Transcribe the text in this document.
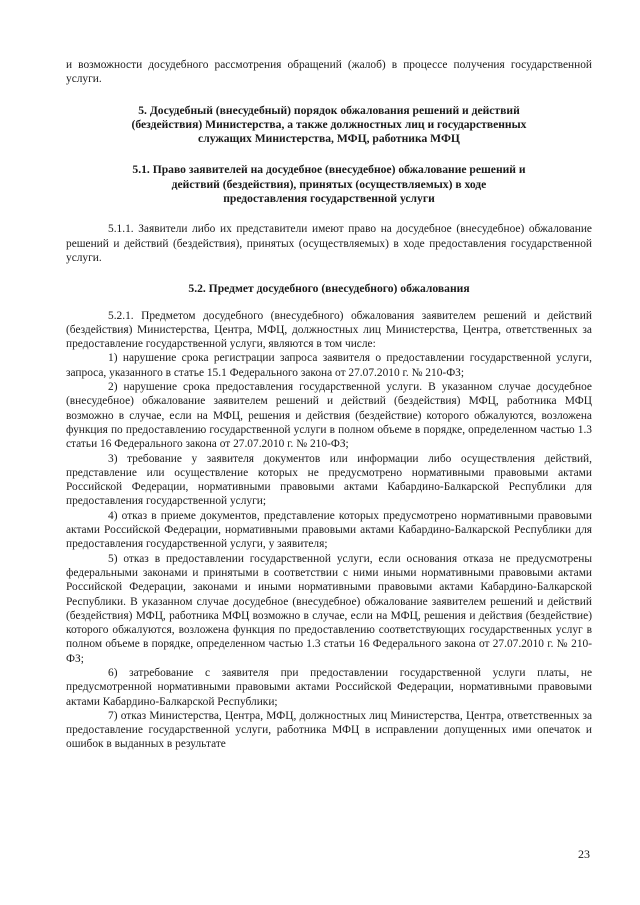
и возможности досудебного рассмотрения обращений (жалоб) в процессе получения государственной услуги.

5. Досудебный (внесудебный) порядок обжалования решений и действий (бездействия) Министерства, а также должностных лиц и государственных служащих Министерства, МФЦ, работника МФЦ

5.1. Право заявителей на досудебное (внесудебное) обжалование решений и действий (бездействия), принятых (осуществляемых) в ходе предоставления государственной услуги

5.1.1. Заявители либо их представители имеют право на досудебное (внесудебное) обжалование решений и действий (бездействия), принятых (осуществляемых) в ходе предоставления государственной услуги.

5.2. Предмет досудебного (внесудебного) обжалования

5.2.1. Предметом досудебного (внесудебного) обжалования заявителем решений и действий (бездействия) Министерства, Центра, МФЦ, должностных лиц Министерства, Центра, ответственных за предоставление государственной услуги, являются в том числе:

1) нарушение срока регистрации запроса заявителя о предоставлении государственной услуги, запроса, указанного в статье 15.1 Федерального закона от 27.07.2010 г. № 210-ФЗ;

2) нарушение срока предоставления государственной услуги. В указанном случае досудебное (внесудебное) обжалование заявителем решений и действий (бездействия) МФЦ, работника МФЦ возможно в случае, если на МФЦ, решения и действия (бездействие) которого обжалуются, возложена функция по предоставлению государственной услуги в полном объеме в порядке, определенном частью 1.3 статьи 16 Федерального закона от 27.07.2010 г. № 210-ФЗ;

3) требование у заявителя документов или информации либо осуществления действий, представление или осуществление которых не предусмотрено нормативными правовыми актами Российской Федерации, нормативными правовыми актами Кабардино-Балкарской Республики для предоставления государственной услуги;

4) отказ в приеме документов, представление которых предусмотрено нормативными правовыми актами Российской Федерации, нормативными правовыми актами Кабардино-Балкарской Республики для предоставления государственной услуги, у заявителя;

5) отказ в предоставлении государственной услуги, если основания отказа не предусмотрены федеральными законами и принятыми в соответствии с ними иными нормативными правовыми актами Российской Федерации, законами и иными нормативными правовыми актами Кабардино-Балкарской Республики. В указанном случае досудебное (внесудебное) обжалование заявителем решений и действий (бездействия) МФЦ, работника МФЦ возможно в случае, если на МФЦ, решения и действия (бездействие) которого обжалуются, возложена функция по предоставлению соответствующих государственных услуг в полном объеме в порядке, определенном частью 1.3 статьи 16 Федерального закона от 27.07.2010 г. № 210-ФЗ;

6) затребование с заявителя при предоставлении государственной услуги платы, не предусмотренной нормативными правовыми актами Российской Федерации, нормативными правовыми актами Кабардино-Балкарской Республики;

7) отказ Министерства, Центра, МФЦ, должностных лиц Министерства, Центра, ответственных за предоставление государственной услуги, работника МФЦ в исправлении допущенных ими опечаток и ошибок в выданных в результате

23
